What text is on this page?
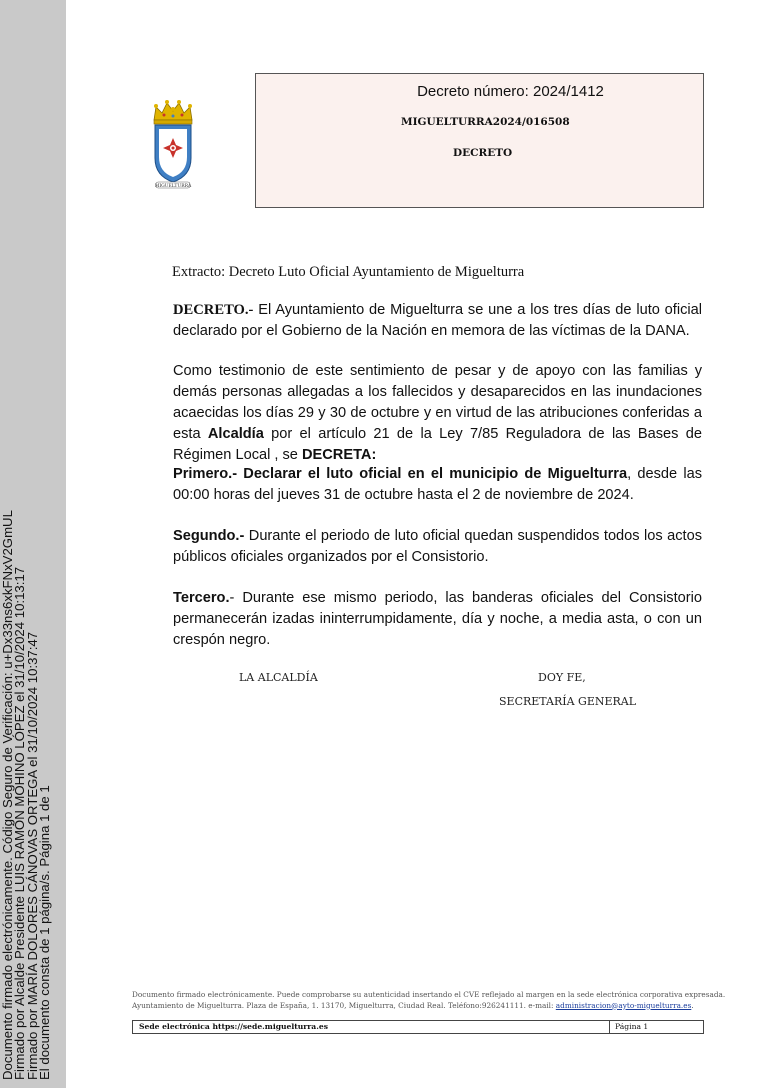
Documento firmado electrónicamente. Código Seguro de Verificación: u+Dx33ns6xkFNxV2GmUL
Firmado por Alcalde Presidente LUIS RAMÓN MOHINO LÓPEZ el 31/10/2024 10:13:17
Firmado por MARÍA DOLORES CÁNOVAS ORTEGA el 31/10/2024 10:37:47
El documento consta de 1 página/s. Página 1 de 1
MIGUELTURRA
Decreto número: 2024/1412
MIGUELTURRA2024/016508
DECRETO
Extracto: Decreto Luto Oficial Ayuntamiento de Miguelturra
DECRETO.- El Ayuntamiento de Miguelturra se une a los tres días de luto oficial declarado por el Gobierno de la Nación en memora de las víctimas de la DANA.
Como testimonio de este sentimiento de pesar y de apoyo con las familias y demás personas allegadas a los fallecidos y desaparecidos en las inundaciones acaecidas los días 29 y 30 de octubre y en virtud de las atribuciones conferidas a esta Alcaldía por el artículo 21 de la Ley 7/85 Reguladora de las Bases de Régimen Local , se DECRETA:
Primero.- Declarar el luto oficial en el municipio de Miguelturra, desde las 00:00 horas del jueves 31 de octubre hasta el 2 de noviembre de 2024.
Segundo.- Durante el periodo de luto oficial quedan suspendidos todos los actos públicos oficiales organizados por el Consistorio.
Tercero.- Durante ese mismo periodo, las banderas oficiales del Consistorio permanecerán izadas ininterrumpidamente, día y noche, a media asta, o con un crespón negro.
LA ALCALDÍA	DOY FE,
SECRETARÍA GENERAL
Documento firmado electrónicamente. Puede comprobarse su autenticidad insertando el CVE reflejado al margen en la sede electrónica corporativa expresada.
Ayuntamiento de Miguelturra. Plaza de España, 1. 13170, Miguelturra, Ciudad Real. Teléfono:926241111. e-mail: administracion@ayto-miguelturra.es.
Sede electrónica https://sede.miguelturra.es	Página 1
